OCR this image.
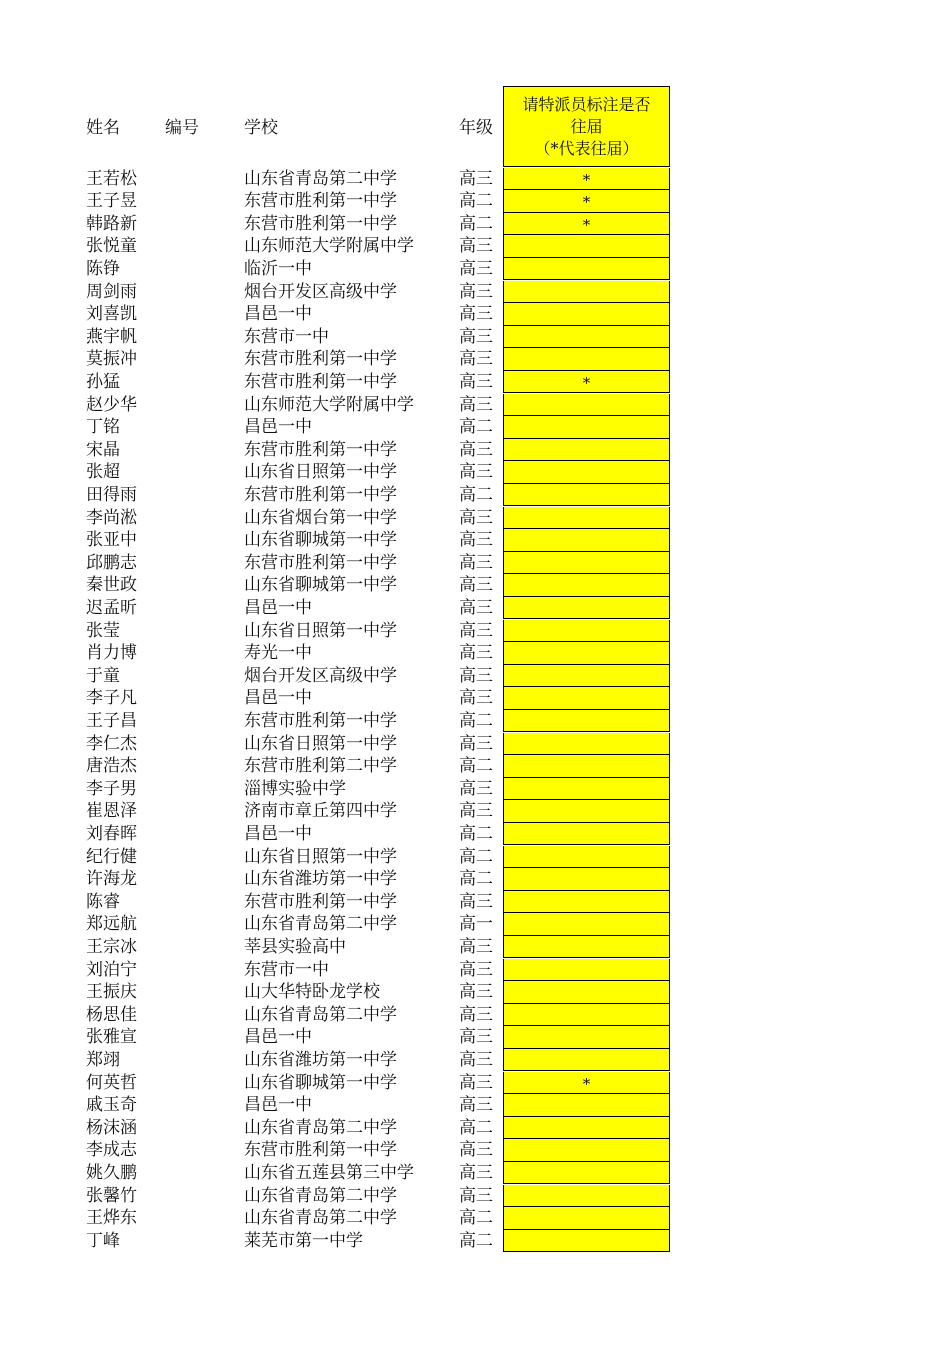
姓名	编号	学校	年级
请特派员标注是否
往届
（*代表往届）
王若松	山东省青岛第二中学	高三	*
王子昱	东营市胜利第一中学	高二	*
韩路新	东营市胜利第一中学	高二	*
张悦童	山东师范大学附属中学	高三
陈铮	临沂一中	高三
周剑雨	烟台开发区高级中学	高三
刘喜凯	昌邑一中	高三
燕宇帆	东营市一中	高三
莫振冲	东营市胜利第一中学	高三
孙猛	东营市胜利第一中学	高三	*
赵少华	山东师范大学附属中学	高三
丁铭	昌邑一中	高二
宋晶	东营市胜利第一中学	高三
张超	山东省日照第一中学	高三
田得雨	东营市胜利第一中学	高二
李尚淞	山东省烟台第一中学	高三
张亚中	山东省聊城第一中学	高三
邱鹏志	东营市胜利第一中学	高三
秦世政	山东省聊城第一中学	高三
迟孟昕	昌邑一中	高三
张莹	山东省日照第一中学	高三
肖力博	寿光一中	高三
于童	烟台开发区高级中学	高三
李子凡	昌邑一中	高三
王子昌	东营市胜利第一中学	高二
李仁杰	山东省日照第一中学	高三
唐浩杰	东营市胜利第二中学	高二
李子男	淄博实验中学	高三
崔恩泽	济南市章丘第四中学	高三
刘春晖	昌邑一中	高二
纪行健	山东省日照第一中学	高二
许海龙	山东省潍坊第一中学	高二
陈睿	东营市胜利第一中学	高三
郑远航	山东省青岛第二中学	高一
王宗冰	莘县实验高中	高三
刘泊宁	东营市一中	高三
王振庆	山大华特卧龙学校	高三
杨思佳	山东省青岛第二中学	高三
张雅宣	昌邑一中	高三
郑翊	山东省潍坊第一中学	高三
何英哲	山东省聊城第一中学	高三	*
戚玉奇	昌邑一中	高三
杨沫涵	山东省青岛第二中学	高二
李成志	东营市胜利第一中学	高三
姚久鹏	山东省五莲县第三中学	高三
张馨竹	山东省青岛第二中学	高三
王烨东	山东省青岛第二中学	高二
丁峰	莱芜市第一中学	高二
